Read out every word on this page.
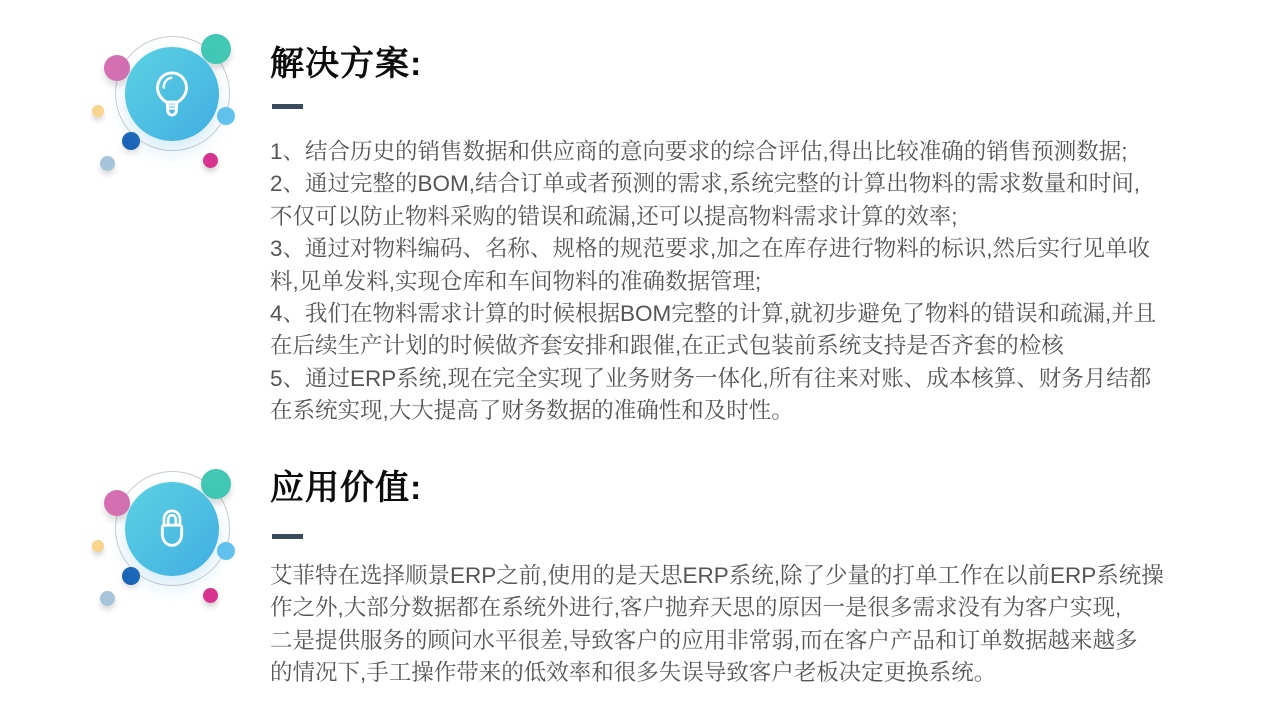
解决方案:
1、结合历史的销售数据和供应商的意向要求的综合评估,得出比较准确的销售预测数据;
2、通过完整的BOM,结合订单或者预测的需求,系统完整的计算出物料的需求数量和时间,
不仅可以防止物料采购的错误和疏漏,还可以提高物料需求计算的效率;
3、通过对物料编码、名称、规格的规范要求,加之在库存进行物料的标识,然后实行见单收
料,见单发料,实现仓库和车间物料的准确数据管理;
4、我们在物料需求计算的时候根据BOM完整的计算,就初步避免了物料的错误和疏漏,并且
在后续生产计划的时候做齐套安排和跟催,在正式包装前系统支持是否齐套的检核
5、通过ERP系统,现在完全实现了业务财务一体化,所有往来对账、成本核算、财务月结都
在系统实现,大大提高了财务数据的准确性和及时性。
应用价值:
艾菲特在选择顺景ERP之前,使用的是天思ERP系统,除了少量的打单工作在以前ERP系统操
作之外,大部分数据都在系统外进行,客户抛弃天思的原因一是很多需求没有为客户实现,
二是提供服务的顾问水平很差,导致客户的应用非常弱,而在客户产品和订单数据越来越多
的情况下,手工操作带来的低效率和很多失误导致客户老板决定更换系统。
